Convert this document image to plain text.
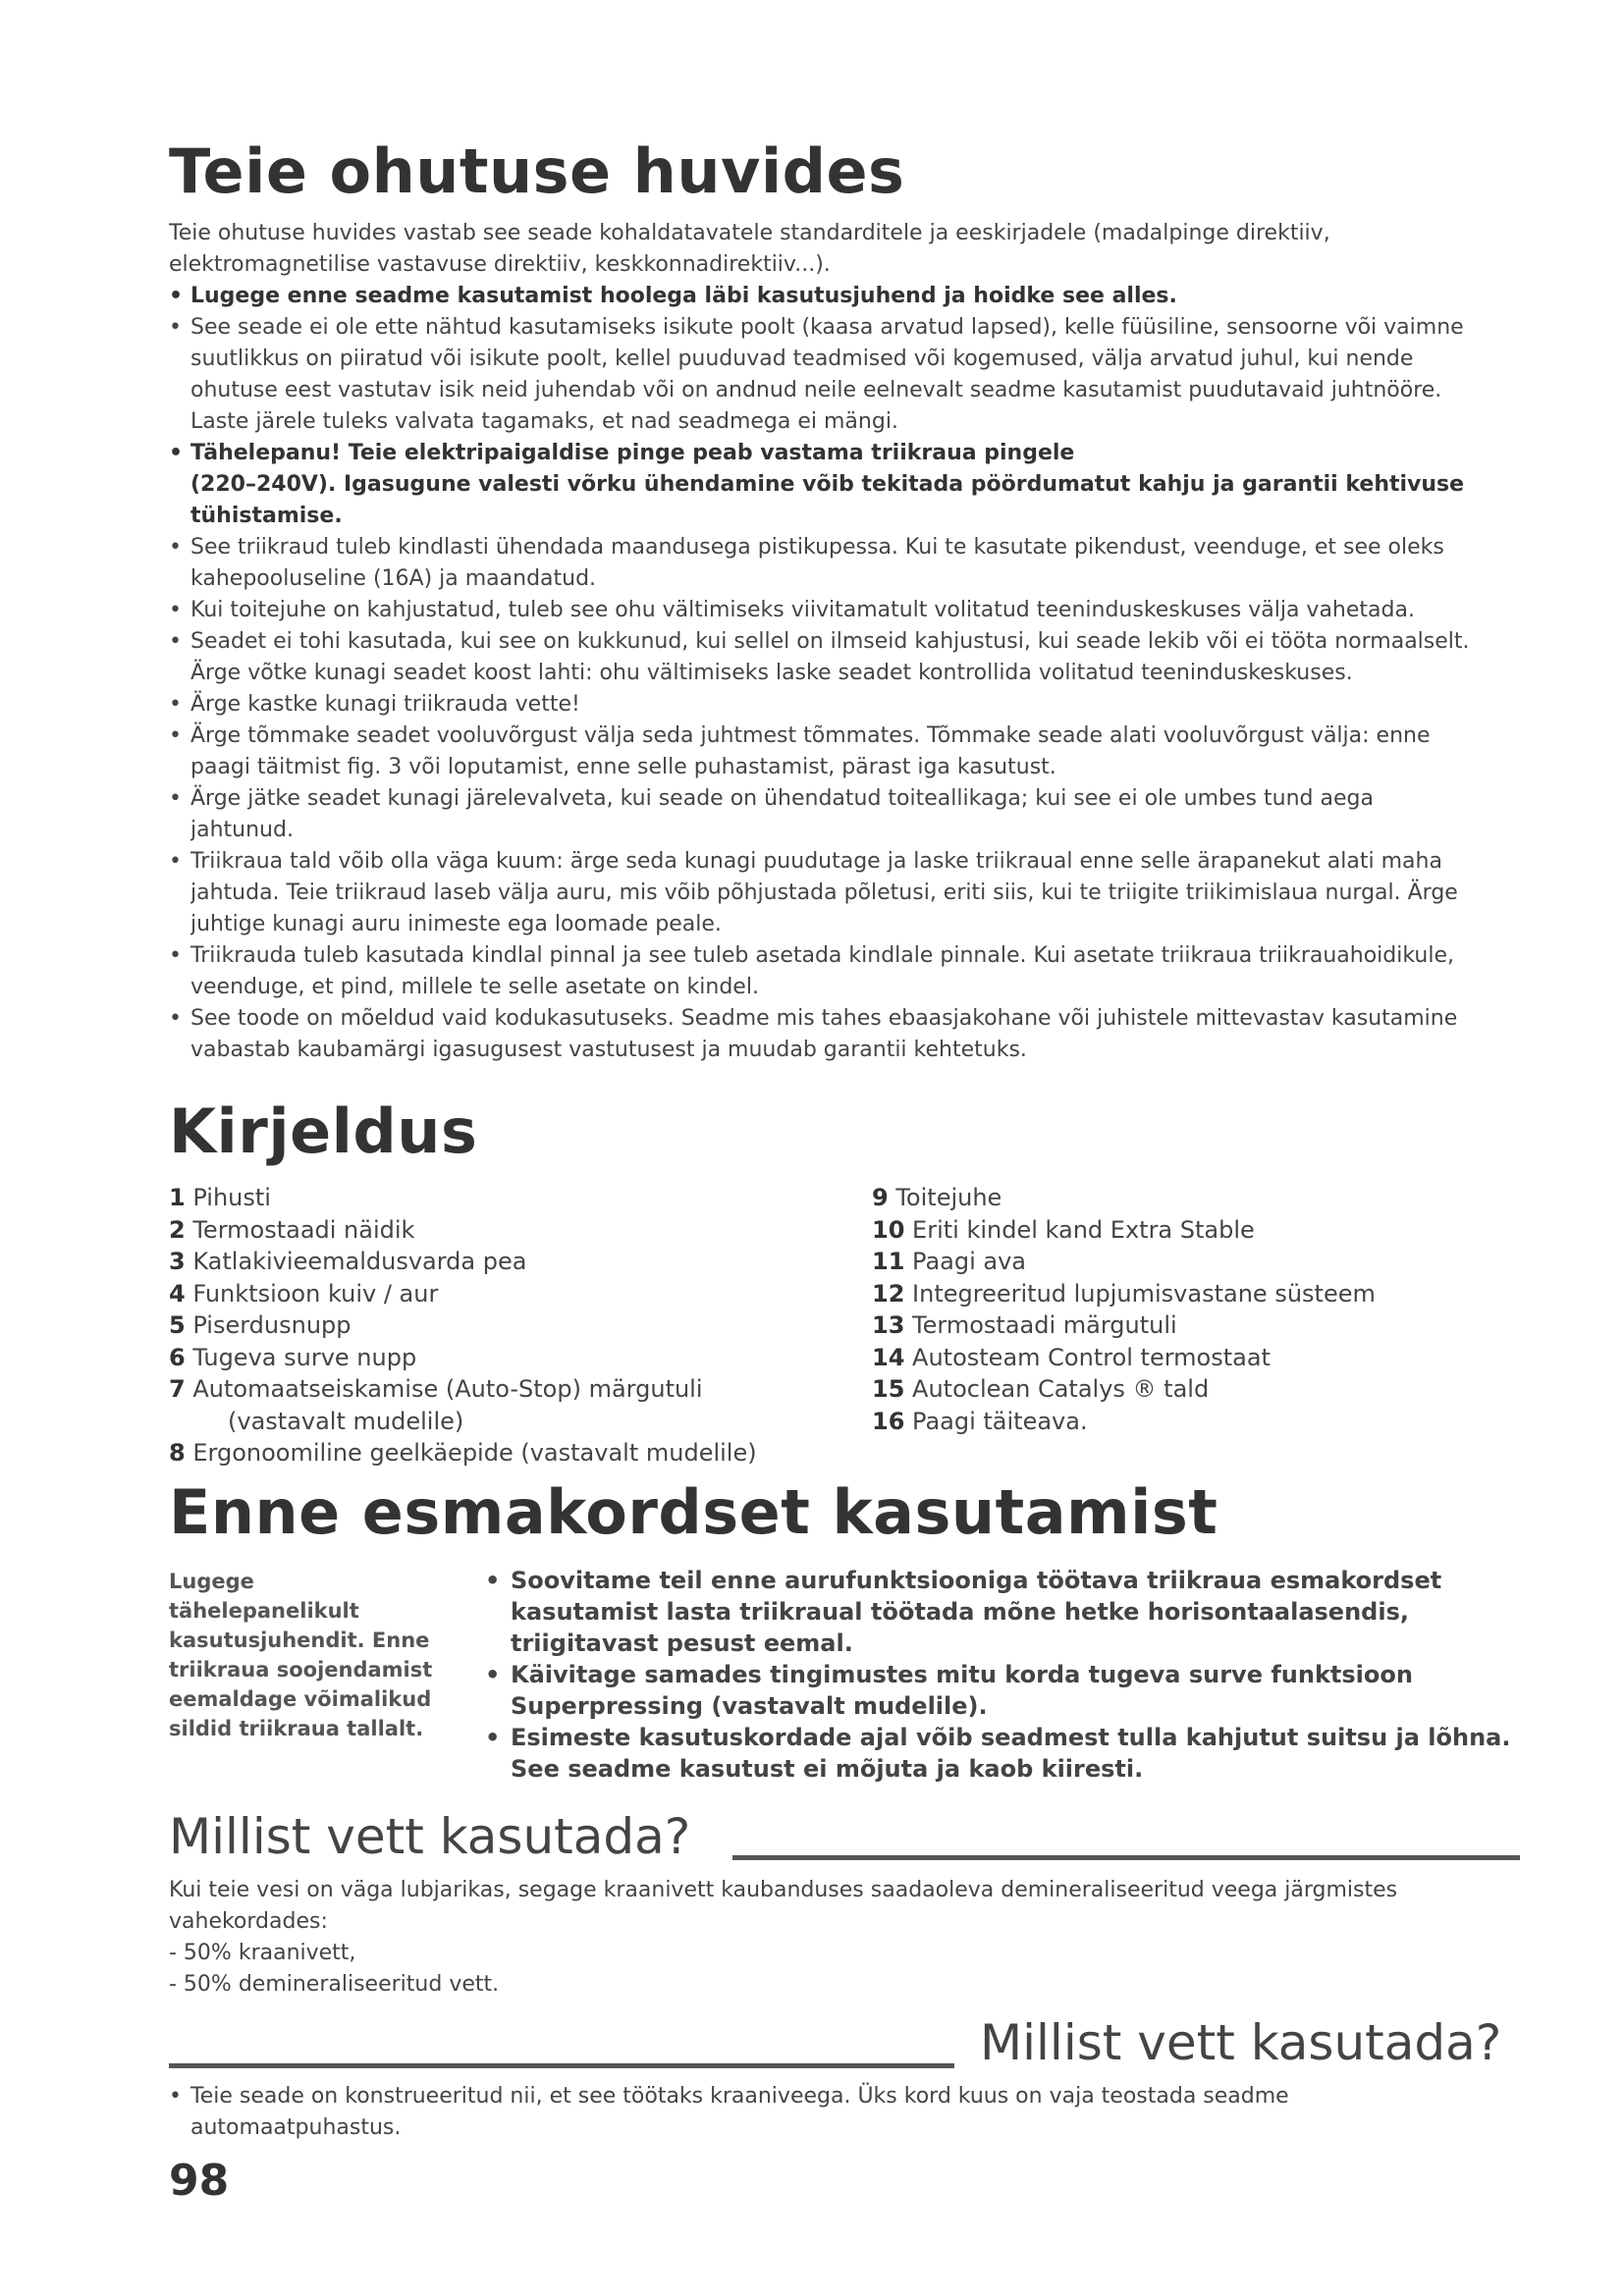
Teie ohutuse huvides
Teie ohutuse huvides vastab see seade kohaldatavatele standarditele ja eeskirjadele (madalpinge direktiiv,
elektromagnetilise vastavuse direktiiv, keskkonnadirektiiv...).
• Lugege enne seadme kasutamist hoolega läbi kasutusjuhend ja hoidke see alles.
• See seade ei ole ette nähtud kasutamiseks isikute poolt (kaasa arvatud lapsed), kelle füüsiline, sensoorne või vaimne
suutlikkus on piiratud või isikute poolt, kellel puuduvad teadmised või kogemused, välja arvatud juhul, kui nende
ohutuse eest vastutav isik neid juhendab või on andnud neile eelnevalt seadme kasutamist puudutavaid juhtnööre.
Laste järele tuleks valvata tagamaks, et nad seadmega ei mängi.
• Tähelepanu! Teie elektripaigaldise pinge peab vastama triikraua pingele
(220–240V). Igasugune valesti võrku ühendamine võib tekitada pöördumatut kahju ja garantii kehtivuse
tühistamise.
• See triikraud tuleb kindlasti ühendada maandusega pistikupessa. Kui te kasutate pikendust, veenduge, et see oleks
kahepooluseline (16A) ja maandatud.
• Kui toitejuhe on kahjustatud, tuleb see ohu vältimiseks viivitamatult volitatud teeninduskeskuses välja vahetada.
• Seadet ei tohi kasutada, kui see on kukkunud, kui sellel on ilmseid kahjustusi, kui seade lekib või ei tööta normaalselt.
Ärge võtke kunagi seadet koost lahti: ohu vältimiseks laske seadet kontrollida volitatud teeninduskeskuses.
• Ärge kastke kunagi triikrauda vette!
• Ärge tõmmake seadet vooluvõrgust välja seda juhtmest tõmmates. Tõmmake seade alati vooluvõrgust välja: enne
paagi täitmist fig. 3 või loputamist, enne selle puhastamist, pärast iga kasutust.
• Ärge jätke seadet kunagi järelevalveta, kui seade on ühendatud toiteallikaga; kui see ei ole umbes tund aega
jahtunud.
• Triikraua tald võib olla väga kuum: ärge seda kunagi puudutage ja laske triikraual enne selle ärapanekut alati maha
jahtuda. Teie triikraud laseb välja auru, mis võib põhjustada põletusi, eriti siis, kui te triigite triikimislaua nurgal. Ärge
juhtige kunagi auru inimeste ega loomade peale.
• Triikrauda tuleb kasutada kindlal pinnal ja see tuleb asetada kindlale pinnale. Kui asetate triikraua triikrauahoidikule,
veenduge, et pind, millele te selle asetate on kindel.
• See toode on mõeldud vaid kodukasutuseks. Seadme mis tahes ebaasjakohane või juhistele mittevastav kasutamine
vabastab kaubamärgi igasugusest vastutusest ja muudab garantii kehtetuks.
Kirjeldus
1 Pihusti
2 Termostaadi näidik
3 Katlakivieemaldusvarda pea
4 Funktsioon kuiv / aur
5 Piserdusnupp
6 Tugeva surve nupp
7 Automaatseiskamise (Auto-Stop) märgutuli
(vastavalt mudelile)
8 Ergonoomiline geelkäepide (vastavalt mudelile)
9 Toitejuhe
10 Eriti kindel kand Extra Stable
11 Paagi ava
12 Integreeritud lupjumisvastane süsteem
13 Termostaadi märgutuli
14 Autosteam Control termostaat
15 Autoclean Catalys ® tald
16 Paagi täiteava.
Enne esmakordset kasutamist
Lugege
tähelepanelikult
kasutusjuhendit. Enne
triikraua soojendamist
eemaldage võimalikud
sildid triikraua tallalt.
• Soovitame teil enne aurufunktsiooniga töötava triikraua esmakordset
kasutamist lasta triikraual töötada mõne hetke horisontaalasendis,
triigitavast pesust eemal.
• Käivitage samades tingimustes mitu korda tugeva surve funktsioon
Superpressing (vastavalt mudelile).
• Esimeste kasutuskordade ajal võib seadmest tulla kahjutut suitsu ja lõhna.
See seadme kasutust ei mõjuta ja kaob kiiresti.
Millist vett kasutada?
Kui teie vesi on väga lubjarikas, segage kraanivett kaubanduses saadaoleva demineraliseeritud veega järgmistes
vahekordades:
- 50% kraanivett,
- 50% demineraliseeritud vett.
Millist vett kasutada?
• Teie seade on konstrueeritud nii, et see töötaks kraaniveega. Üks kord kuus on vaja teostada seadme
automaatpuhastus.
98
